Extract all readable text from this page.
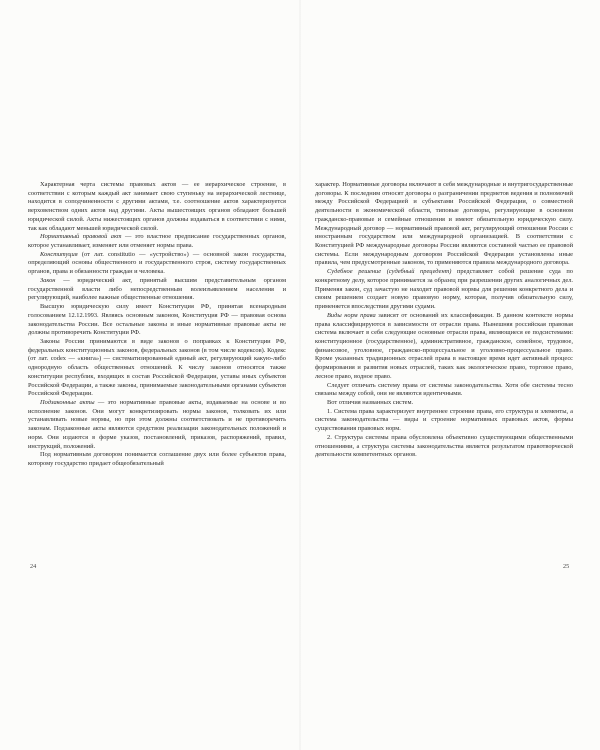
Характерная черта системы правовых актов — ее иерархическое строение, в соответствии с которым каждый акт занимает свою ступеньку на иерархической лестнице, находится в соподчиненности с другими актами, т.е. соотношение актов характеризуется верховенством одних актов над другими. Акты вышестоящих органов обладают большей юридической силой. Акты нижестоящих органов должны издаваться в соответствии с ними, так как обладают меньшей юридической силой.

Нормативный правовой акт — это властное предписание государственных органов, которое устанавливает, изменяет или отменяет нормы права.

Конституция (от лат. constitutio — «устройство») — основной закон государства, определяющий основы общественного и государственного строя, систему государственных органов, права и обязанности граждан и человека.

Закон — юридический акт, принятый высшим представительным органом государственной власти либо непосредственным волеизъявлением населения и регулирующий, наиболее важные общественные отношения.

Высшую юридическую силу имеет Конституция РФ, принятая всенародным голосованием 12.12.1993. Являясь основным законом, Конституция РФ — правовая основа законодательства России. Все остальные законы и иные нормативные правовые акты не должны противоречить Конституции РФ.

Законы России принимаются в виде законов о поправках к Конституции РФ, федеральных конституционных законов, федеральных законов (в том числе кодексов). Кодекс (от лат. codex — «книга») — систематизированный единый акт, регулирующий какую-либо однородную область общественных отношений. К числу законов относятся также конституции республик, входящих в состав Российской Федерации, уставы иных субъектов Российской Федерации, а также законы, принимаемые законодательными органами субъектов Российской Федерации.

Подзаконные акты — это нормативные правовые акты, издаваемые на основе и во исполнение законов. Они могут конкретизировать нормы законов, толковать их или устанавливать новые нормы, но при этом должны соответствовать и не противоречить законам. Подзаконные акты являются средством реализации законодательных положений и норм. Они издаются в форме указов, постановлений, приказов, распоряжений, правил, инструкций, положений.

Под нормативным договором понимается соглашение двух или более субъектов права, которому государство придает общеобязательный

24

характер. Нормативные договоры включают в себя международные и внутригосударственные договоры. К последним относят договоры о разграничении предметов ведения и полномочий между Российской Федерацией и субъектами Российской Федерации, о совместной деятельности в экономической области, типовые договоры, регулирующие в основном гражданско-правовые и семейные отношения и имеют обязательную юридическую силу. Международный договор — нормативный правовой акт, регулирующий отношения России с иностранным государством или международной организацией. В соответствии с Конституцией РФ международные договоры России являются составной частью ее правовой системы. Если международным договором Российской Федерации установлены иные правила, чем предусмотренные законом, то применяются правила международного договора.

Судебное решение (судебный прецедент) представляет собой решение суда по конкретному делу, которое принимается за образец при разрешении других аналогичных дел. Применяя закон, суд зачастую не находит правовой нормы для решения конкретного дела и своим решением создает новую правовую норму, которая, получив обязательную силу, применяется впоследствии другими судами.

Виды норм права зависят от оснований их классификации. В данном контексте нормы права классифицируются в зависимости от отрасли права. Нынешняя российская правовая система включает в себя следующие основные отрасли права, являющиеся ее подсистемами: конституционное (государственное), административное, гражданское, семейное, трудовое, финансовое, уголовное, гражданско-процессуальное и уголовно-процессуальное право. Кроме указанных традиционных отраслей права в настоящее время идет активный процесс формирования и развития новых отраслей, таких как экологическое право, торговое право, лесное право, водное право.

Следует отличать систему права от системы законодательства. Хотя обе системы тесно связаны между собой, они не являются идентичными.

Вот отличия названных систем.

1. Система права характеризует внутреннее строение права, его структура и элементы, а система законодательства — виды и строение нормативных правовых актов, формы существования правовых норм.

2. Структура системы права обусловлена объективно существующими общественными отношениями, а структура системы законодательства является результатом правотворческой деятельности компетентных органов.

25
